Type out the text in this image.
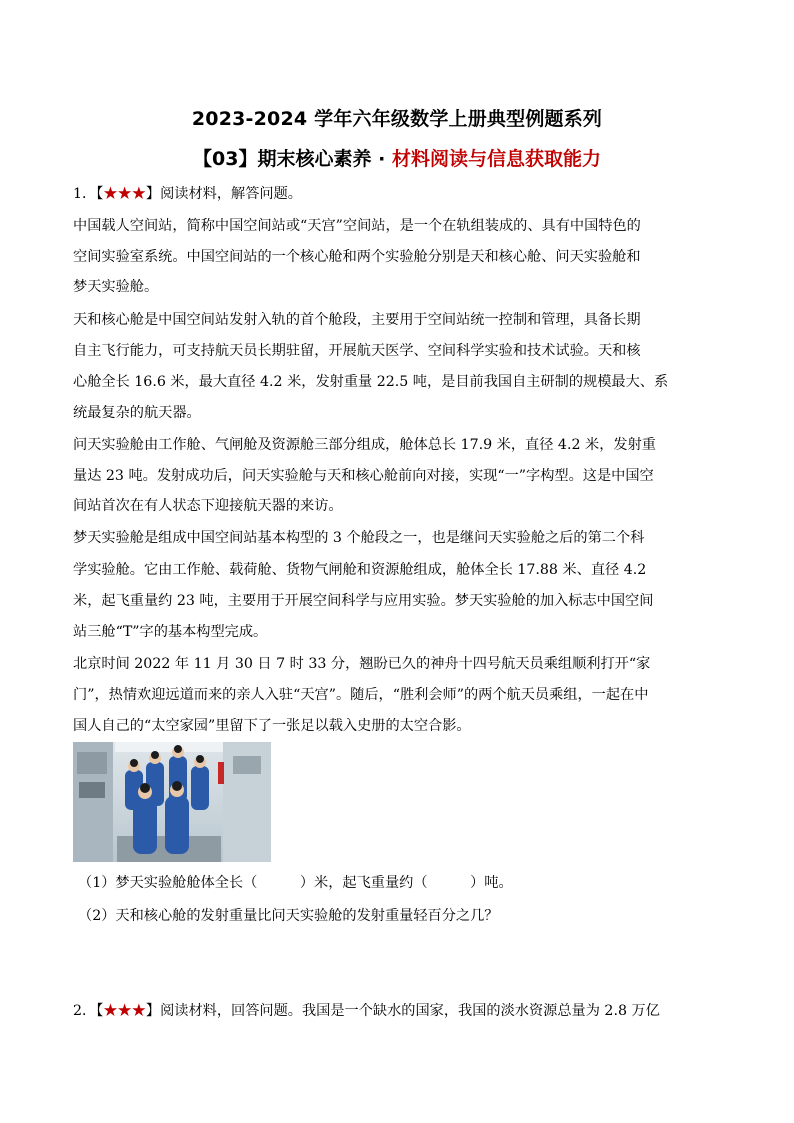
2023-2024 学年六年级数学上册典型例题系列
【03】期末核心素养 · 材料阅读与信息获取能力
1．【★★★】阅读材料，解答问题。
中国载人空间站，简称中国空间站或“天宫”空间站，是一个在轨组装成的、具有中国特色的
空间实验室系统。中国空间站的一个核心舱和两个实验舱分别是天和核心舱、问天实验舱和
梦天实验舱。
天和核心舱是中国空间站发射入轨的首个舱段，主要用于空间站统一控制和管理，具备长期
自主飞行能力，可支持航天员长期驻留，开展航天医学、空间科学实验和技术试验。天和核
心舱全长 16.6 米，最大直径 4.2 米，发射重量 22.5 吨，是目前我国自主研制的规模最大、系
统最复杂的航天器。
问天实验舱由工作舱、气闸舱及资源舱三部分组成，舱体总长 17.9 米，直径 4.2 米，发射重
量达 23 吨。发射成功后，问天实验舱与天和核心舱前向对接，实现“一”字构型。这是中国空
间站首次在有人状态下迎接航天器的来访。
梦天实验舱是组成中国空间站基本构型的 3 个舱段之一，也是继问天实验舱之后的第二个科
学实验舱。它由工作舱、载荷舱、货物气闸舱和资源舱组成，舱体全长 17.88 米、直径 4.2
米，起飞重量约 23 吨，主要用于开展空间科学与应用实验。梦天实验舱的加入标志中国空间
站三舱“T”字的基本构型完成。
北京时间 2022 年 11 月 30 日 7 时 33 分，翘盼已久的神舟十四号航天员乘组顺利打开“家
门”，热情欢迎远道而来的亲人入驻“天宫”。随后，“胜利会师”的两个航天员乘组，一起在中
国人自己的“太空家园”里留下了一张足以载入史册的太空合影。
（1）梦天实验舱舱体全长（　　　）米，起飞重量约（　　　）吨。
（2）天和核心舱的发射重量比问天实验舱的发射重量轻百分之几？
2．【★★★】阅读材料，回答问题。我国是一个缺水的国家，我国的淡水资源总量为 2.8 万亿
